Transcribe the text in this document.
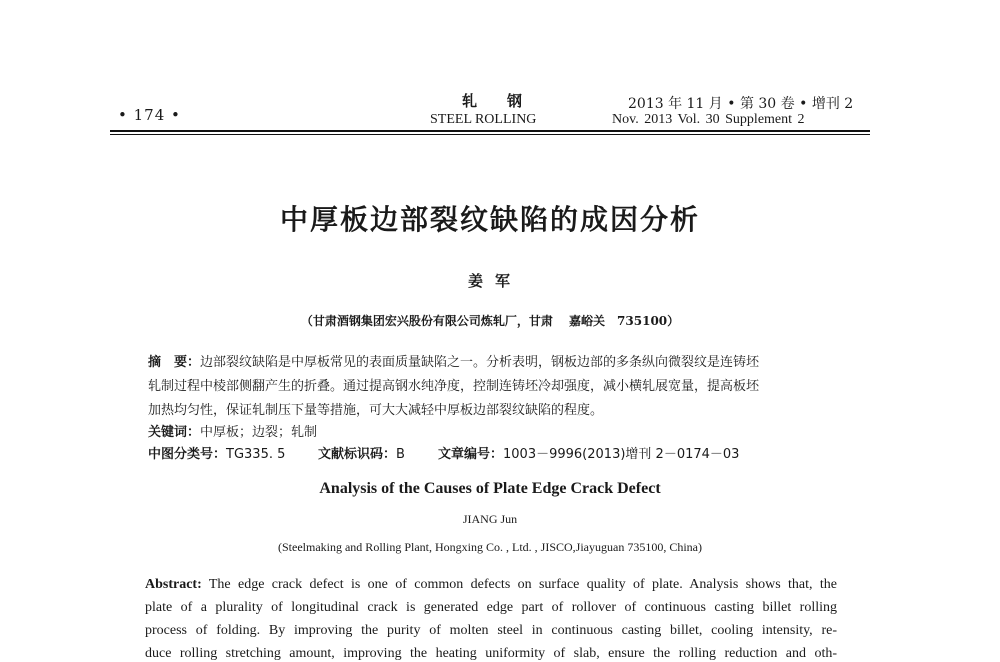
• 174 •
轧钢
STEEL ROLLING
2013 年 11 月 • 第 30 卷 • 增刊 2
Nov. 2013 Vol. 30 Supplement 2
中厚板边部裂纹缺陷的成因分析
姜军
（甘肃酒钢集团宏兴股份有限公司炼轧厂，甘肃　 嘉峪关　735100）
摘　要：边部裂纹缺陷是中厚板常见的表面质量缺陷之一。分析表明，钢板边部的多条纵向微裂纹是连铸坯
轧制过程中棱部侧翻产生的折叠。通过提高钢水纯净度，控制连铸坯冷却强度，减小横轧展宽量，提高板坯
加热均匀性，保证轧制压下量等措施，可大大减轻中厚板边部裂纹缺陷的程度。
关键词：中厚板；边裂；轧制
中图分类号：TG335. 5	文献标识码：B	文章编号：1003－9996(2013)增刊 2－0174－03
Analysis of the Causes of Plate Edge Crack Defect
JIANG Jun
(Steelmaking and Rolling Plant, Hongxing Co. , Ltd. , JISCO,Jiayuguan 735100, China)
Abstract: The edge crack defect is one of common defects on surface quality of plate. Analysis shows that, the
plate of a plurality of longitudinal crack is generated edge part of rollover of continuous casting billet rolling
process of folding. By improving the purity of molten steel in continuous casting billet, cooling intensity, re-
duce rolling stretching amount, improving the heating uniformity of slab, ensure the rolling reduction and oth-
